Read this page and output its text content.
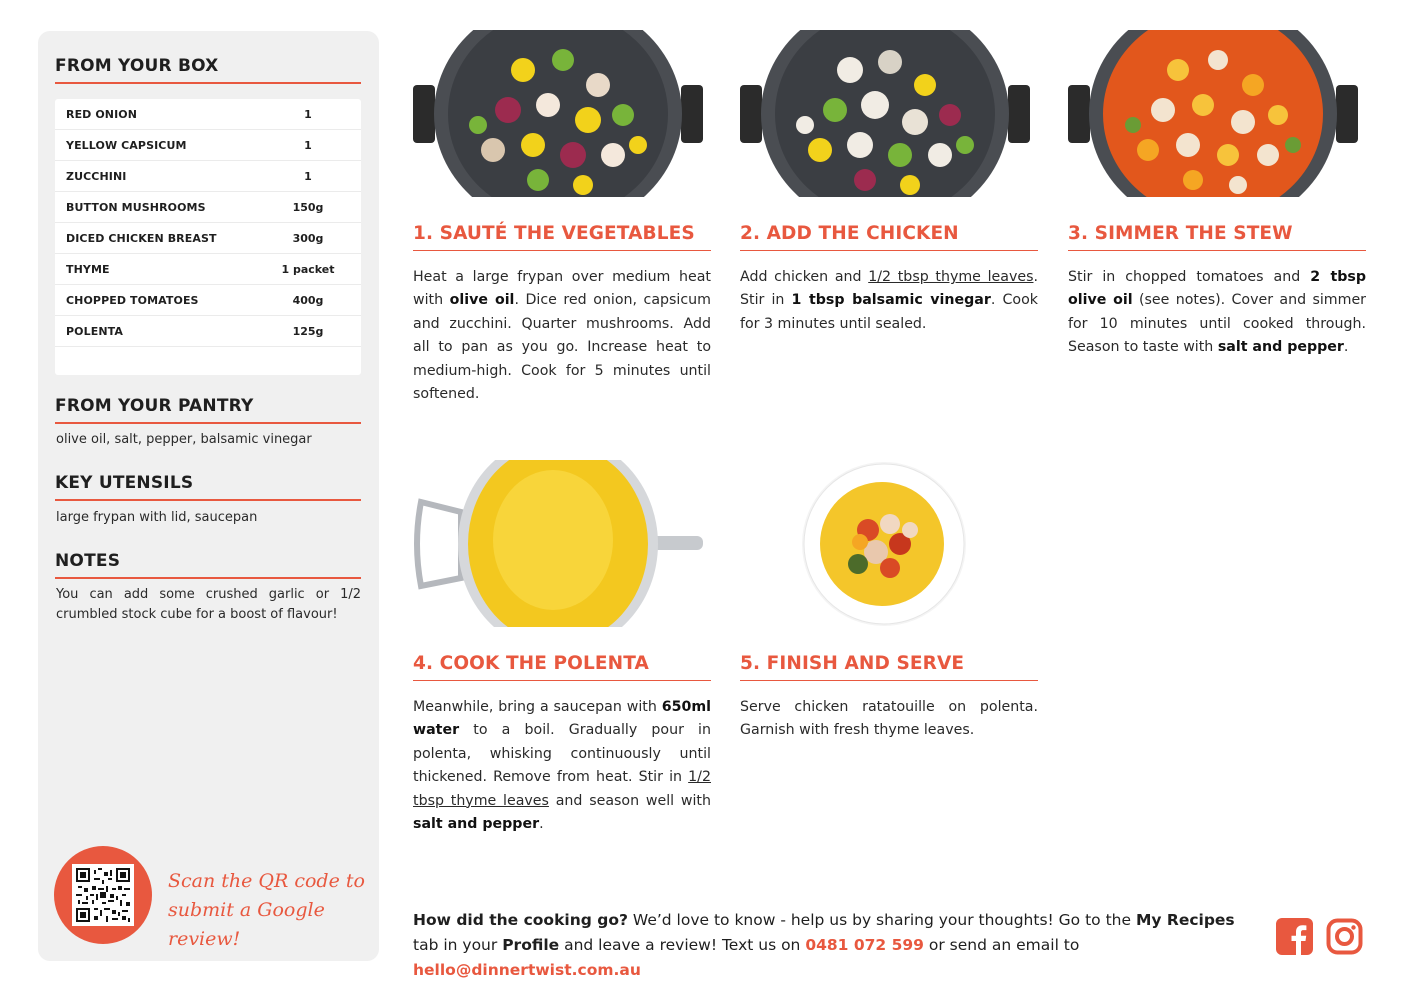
FROM YOUR BOX
RED ONION	1
YELLOW CAPSICUM	1
ZUCCHINI	1
BUTTON MUSHROOMS	150g
DICED CHICKEN BREAST	300g
THYME	1 packet
CHOPPED TOMATOES	400g
POLENTA	125g
FROM YOUR PANTRY
olive oil, salt, pepper, balsamic vinegar
KEY UTENSILS
large frypan with lid, saucepan
NOTES
You can add some crushed garlic or 1/2 crumbled stock cube for a boost of flavour!
Scan the QR code to
submit a Google review!
1. SAUTÉ THE VEGETABLES
Heat a large frypan over medium heat with olive oil. Dice red onion, capsicum and zucchini. Quarter mushrooms. Add all to pan as you go. Increase heat to medium-high. Cook for 5 minutes until softened.
2. ADD THE CHICKEN
Add chicken and 1/2 tbsp thyme leaves. Stir in 1 tbsp balsamic vinegar. Cook for 3 minutes until sealed.
3. SIMMER THE STEW
Stir in chopped tomatoes and 2 tbsp olive oil (see notes). Cover and simmer for 10 minutes until cooked through. Season to taste with salt and pepper.
4. COOK THE POLENTA
Meanwhile, bring a saucepan with 650ml water to a boil. Gradually pour in polenta, whisking continuously until thickened. Remove from heat. Stir in 1/2 tbsp thyme leaves and season well with salt and pepper.
5. FINISH AND SERVE
Serve chicken ratatouille on polenta. Garnish with fresh thyme leaves.
How did the cooking go? We’d love to know - help us by sharing your thoughts! Go to the My Recipes tab in your Profile and leave a review! Text us on 0481 072 599 or send an email to hello@dinnertwist.com.au
